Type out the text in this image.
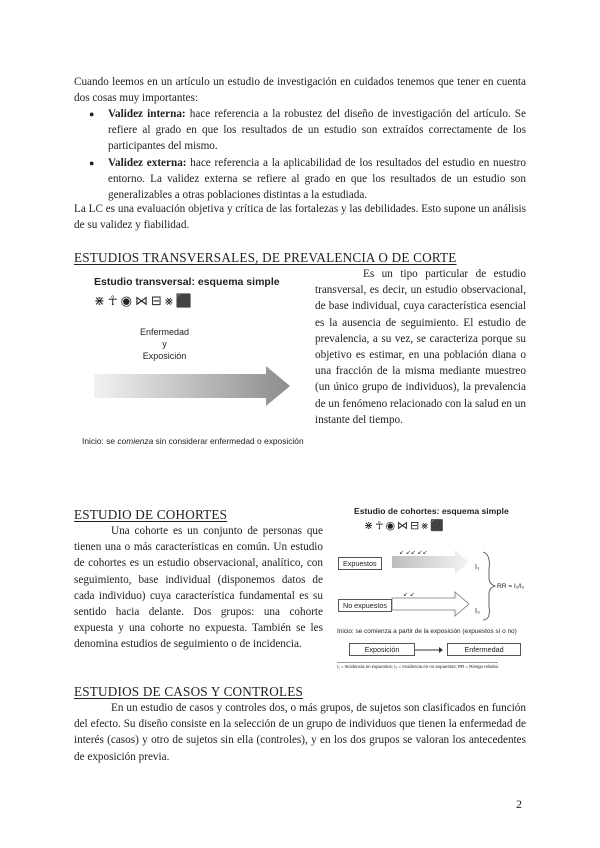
Cuando leemos en un artículo un estudio de investigación en cuidados tenemos que tener en cuenta dos cosas muy importantes:

● Validez interna: hace referencia a la robustez del diseño de investigación del artículo. Se refiere al grado en que los resultados de un estudio son extraídos correctamente de los participantes del mismo.
● Validez externa: hace referencia a la aplicabilidad de los resultados del estudio en nuestro entorno. La validez externa se refiere al grado en que los resultados de un estudio son generalizables a otras poblaciones distintas a la estudiada.

La LC es una evaluación objetiva y crítica de las fortalezas y las debilidades. Esto supone un análisis de su validez y fiabilidad.

ESTUDIOS TRANSVERSALES, DE PREVALENCIA O DE CORTE
Estudio transversal: esquema simple
⋇ ☥ ◉ ⋈ ⊟ ⨳ ⬛
Enfermedad
y
Exposición
Inicio: se comienza sin considerar enfermedad o exposición

Es un tipo particular de estudio transversal, es decir, un estudio observacional, de base individual, cuya característica esencial es la ausencia de seguimiento. El estudio de prevalencia, a su vez, se caracteriza porque su objetivo es estimar, en una población diana o una fracción de la misma mediante muestreo (un único grupo de individuos), la prevalencia de un fenómeno relacionado con la salud en un instante del tiempo.

ESTUDIO DE COHORTES

Una cohorte es un conjunto de personas que tienen una o más características en común. Un estudio de cohortes es un estudio observacional, analítico, con seguimiento, base individual (disponemos datos de cada individuo) cuya característica fundamental es su sentido hacia delante. Dos grupos: una cohorte expuesta y una cohorte no expuesta. También se les denomina estudios de seguimiento o de incidencia.

Estudio de cohortes: esquema simple
⋇ ☥ ◉ ⋈ ⊟ ⨳ ⬛
↙ ↙↙ ↙↙
↙ ↙
Expuestos
No expuestos
I₁
I₀
RR = I₁/I₀
Inicio: se comienza a partir de la exposición (expuestos sí o no)
Exposición	Enfermedad
I₁ = Incidencia en expuestos; I₀ = Incidencia en no expuestos; RR = Riesgo relativo
ESTUDIOS DE CASOS Y CONTROLES

En un estudio de casos y controles dos, o más grupos, de sujetos son clasificados en función del efecto. Su diseño consiste en la selección de un grupo de individuos que tienen la enfermedad de interés (casos) y otro de sujetos sin ella (controles), y en los dos grupos se valoran los antecedentes de exposición previa.

2
